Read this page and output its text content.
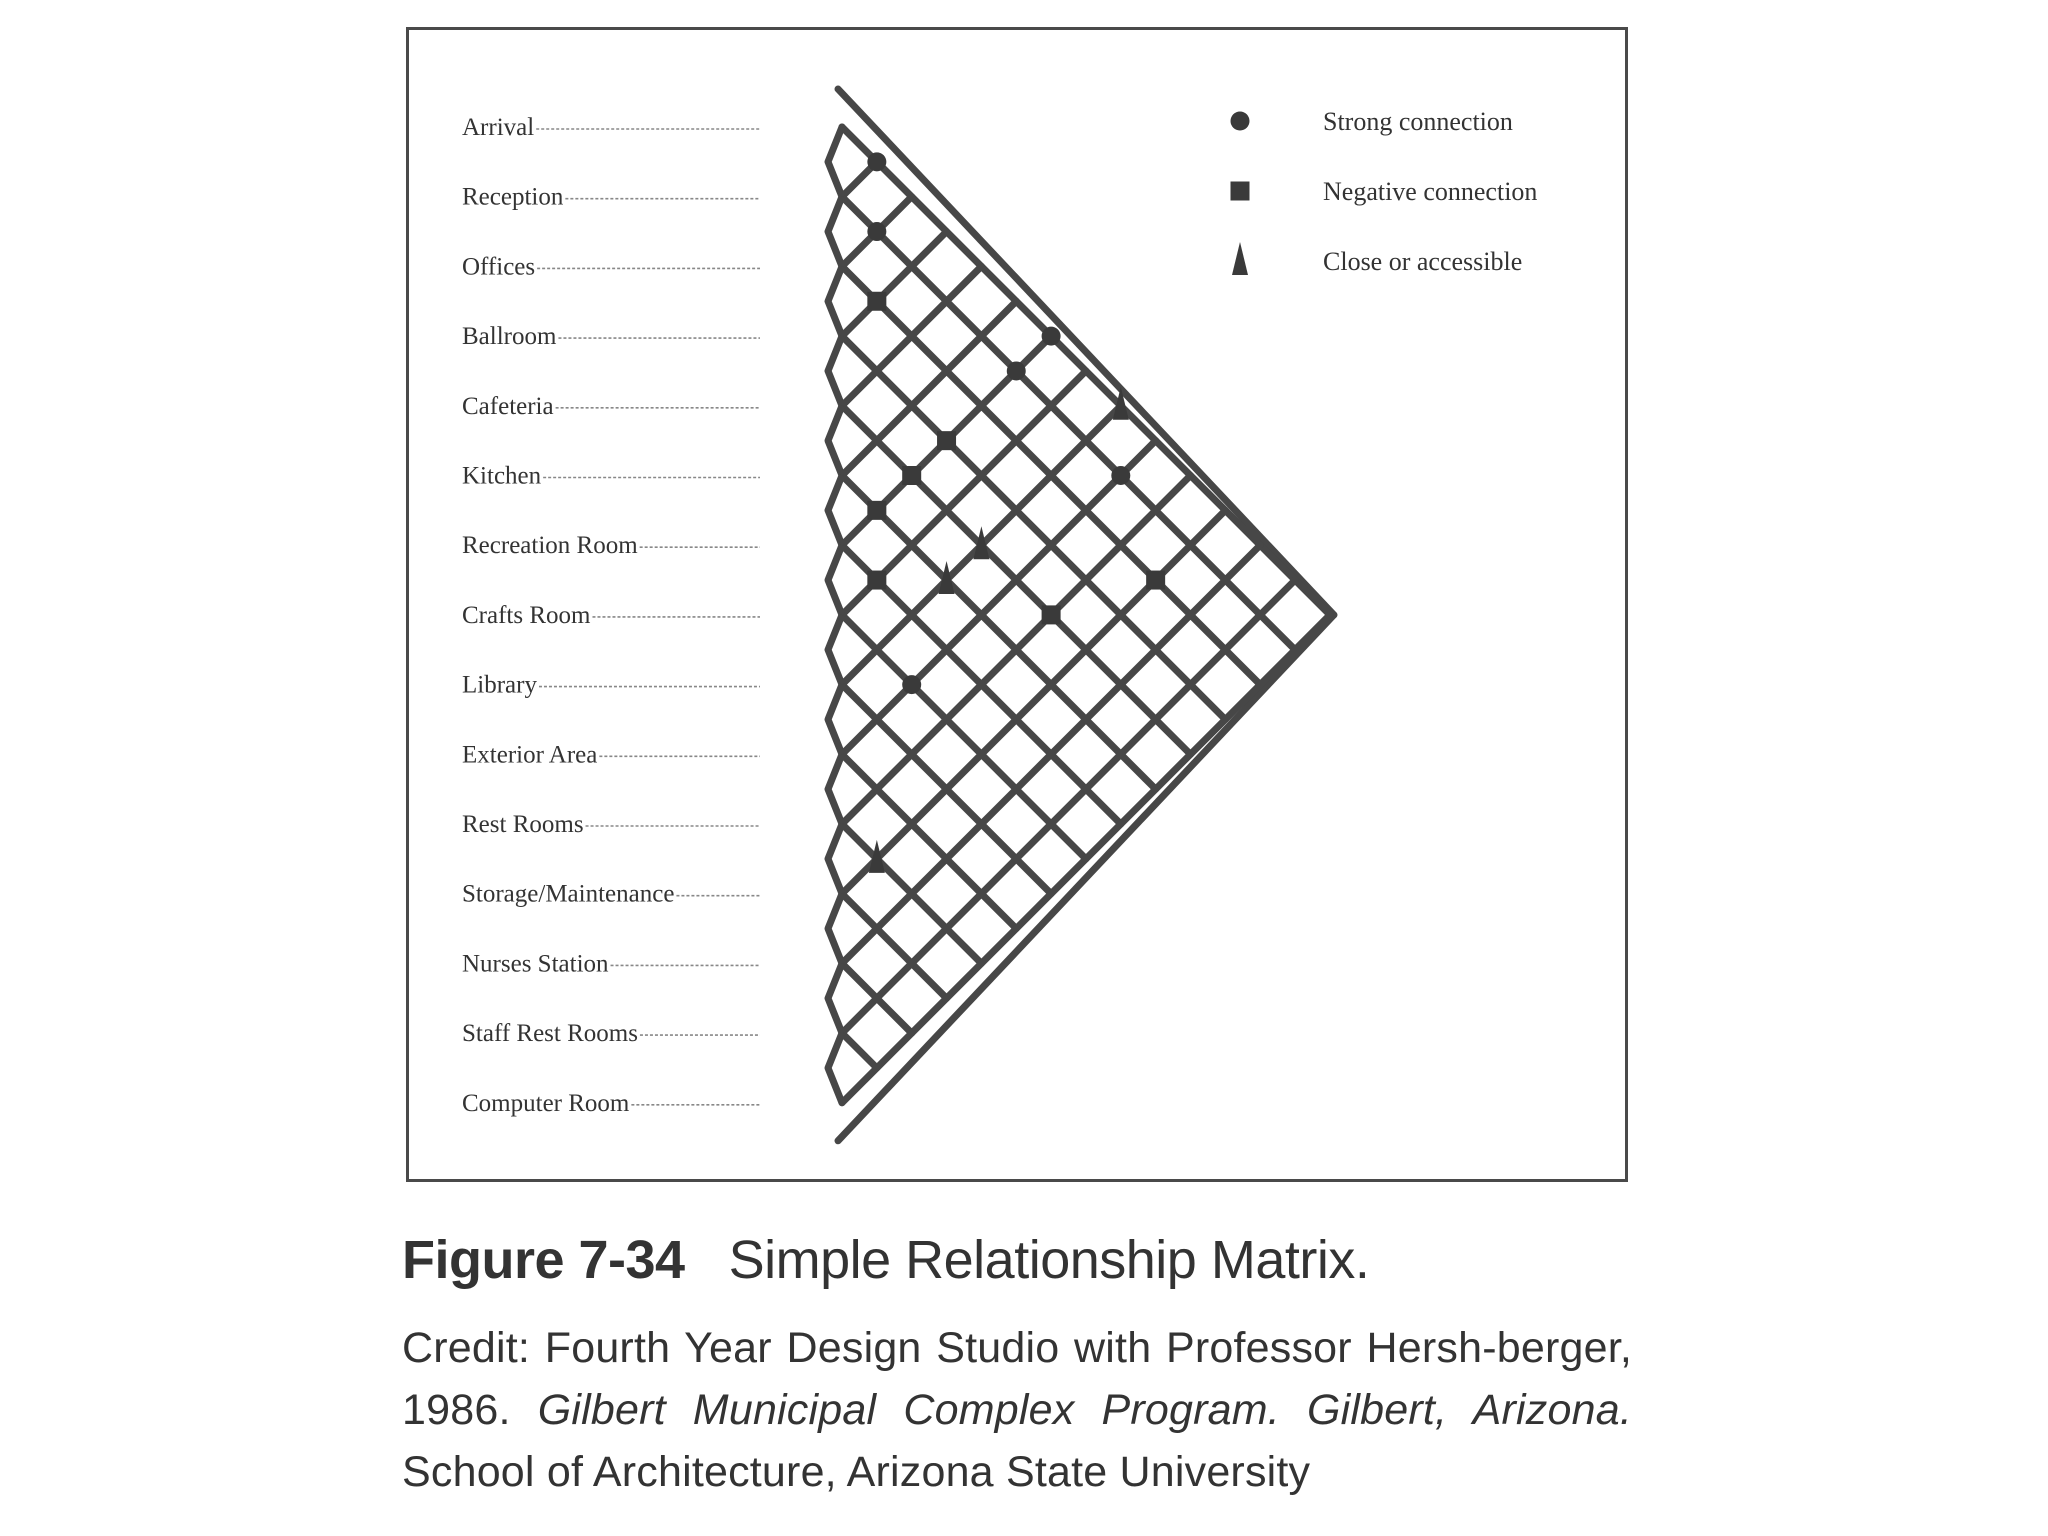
Arrival
Reception
Offices
Ballroom
Cafeteria
Kitchen
Recreation Room
Crafts Room
Library
Exterior Area
Rest Rooms
Storage/Maintenance
Nurses Station
Staff Rest Rooms
Computer Room
Strong connection
Negative connection
Close or accessible
Figure 7-34 Simple Relationship Matrix.
Credit: Fourth Year Design Studio with Professor Hersh-berger, 1986. Gilbert Municipal Complex Program. Gilbert, Arizona. School of Architecture, Arizona State University
